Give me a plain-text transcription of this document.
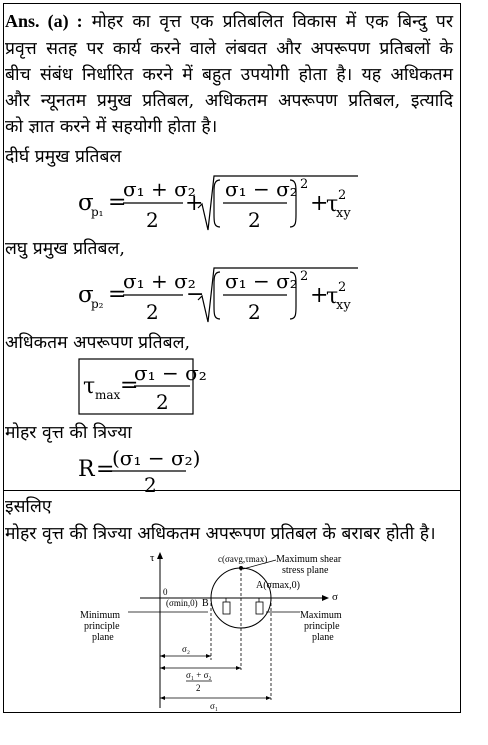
Ans. (a) : मोहर का वृत्त एक प्रतिबलित विकास में एक बिन्दु पर
प्रवृत्त सतह पर कार्य करने वाले लंबवत और अपरूपण प्रतिबलों के
बीच संबंध निर्धारित करने में बहुत उपयोगी होता है। यह अधिकतम
और न्यूनतम प्रमुख प्रतिबल, अधिकतम अपरूपण प्रतिबल, इत्यादि
को ज्ञात करने में सहयोगी होता है।
दीर्घ प्रमुख प्रतिबल
σ
p₁ =
σ₁ + σ₂
2
+
σ₁ − σ₂
2
2
+
τ 2
xy
लघु प्रमुख प्रतिबल,
σ
p₂ =
σ₁ + σ₂
2
−
σ₁ − σ₂
2
2
+
τ 2
xy
अधिकतम अपरूपण प्रतिबल,
τ max =
σ₁ − σ₂
2
मोहर वृत्त की त्रिज्या
R =
(σ₁ − σ₂)
2
इसलिए
मोहर वृत्त की त्रिज्या अधिकतम अपरूपण प्रतिबल के बराबर होती है।
τ
σ
0
c(σavg,τmax) Maximum shear
stress plane
A(σmax,0)
(σmin,0) B
Minimum
principle
plane
Maximum
principle
plane
σ₂
σ₁ + σ₂
2
σ₁
